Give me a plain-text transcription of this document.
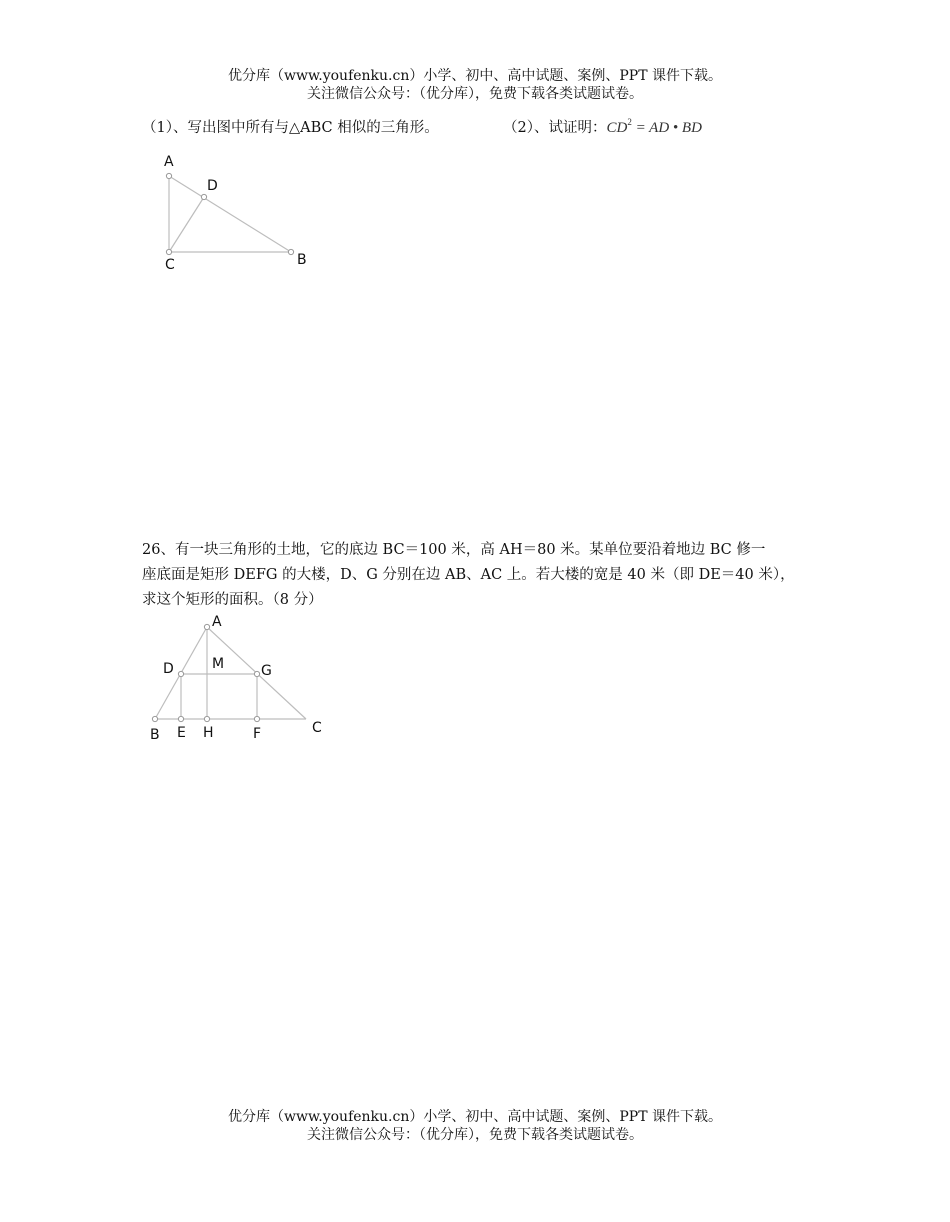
优分库（www.youfenku.cn）小学、初中、高中试题、案例、PPT 课件下载。
关注微信公众号：（优分库），免费下载各类试题试卷。
（1）、写出图中所有与△ABC 相似的三角形。	（2）、试证明：$CD^2$ = AD • BD
A
D
C	B
A
D	M	G
B E H	F	C
26、有一块三角形的土地，它的底边 BC＝100 米，高 AH＝80 米。某单位要沿着地边 BC 修一
座底面是矩形 DEFG 的大楼，D、G 分别在边 AB、AC 上。若大楼的宽是 40 米（即 DE＝40 米），
求这个矩形的面积。（8 分）
优分库（www.youfenku.cn）小学、初中、高中试题、案例、PPT 课件下载。
关注微信公众号：（优分库），免费下载各类试题试卷。
